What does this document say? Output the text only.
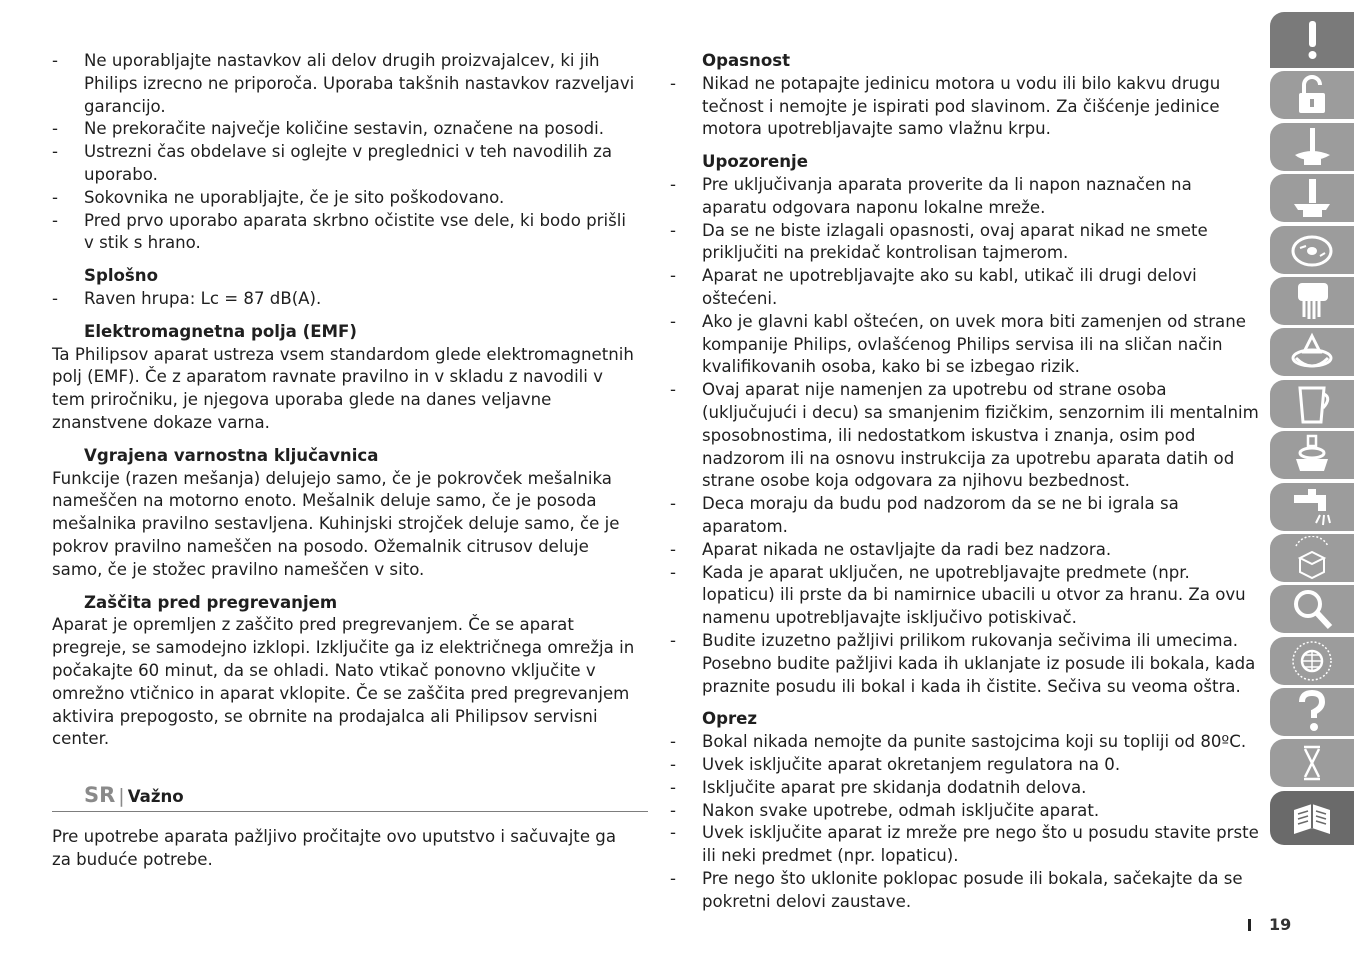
- Ne uporabljajte nastavkov ali delov drugih proizvajalcev, ki jih Philips izrecno ne priporoča. Uporaba takšnih nastavkov razveljavi garancijo.
- Ne prekoračite največje količine sestavin, označene na posodi.
- Ustrezni čas obdelave si oglejte v preglednici v teh navodilih za uporabo.
- Sokovnika ne uporabljajte, če je sito poškodovano.
- Pred prvo uporabo aparata skrbno očistite vse dele, ki bodo prišli v stik s hrano.
Splošno
- Raven hrupa: Lc = 87 dB(A).
Elektromagnetna polja (EMF)

Ta Philipsov aparat ustreza vsem standardom glede elektromagnetnih polj (EMF). Če z aparatom ravnate pravilno in v skladu z navodili v tem priročniku, je njegova uporaba glede na danes veljavne znanstvene dokaze varna.

Vgrajena varnostna ključavnica

Funkcije (razen mešanja) delujejo samo, če je pokrovček mešalnika nameščen na motorno enoto. Mešalnik deluje samo, če je posoda mešalnika pravilno sestavljena. Kuhinjski strojček deluje samo, če je pokrov pravilno nameščen na posodo. Ožemalnik citrusov deluje samo, če je stožec pravilno nameščen v sito.

Zaščita pred pregrevanjem

Aparat je opremljen z zaščito pred pregrevanjem. Če se aparat pregreje, se samodejno izklopi. Izključite ga iz električnega omrežja in počakajte 60 minut, da se ohladi. Nato vtikač ponovno vključite v omrežno vtičnico in aparat vklopite. Če se zaščita pred pregrevanjem aktivira prepogosto, se obrnite na prodajalca ali Philipsov servisni center.

SR | Važno

Pre upotrebe aparata pažljivo pročitajte ovo uputstvo i sačuvajte ga za buduće potrebe.

Opasnost
- Nikad ne potapajte jedinicu motora u vodu ili bilo kakvu drugu tečnost i nemojte je ispirati pod slavinom. Za čišćenje jedinice motora upotrebljavajte samo vlažnu krpu.
Upozorenje
- Pre uključivanja aparata proverite da li napon naznačen na aparatu odgovara naponu lokalne mreže.
- Da se ne biste izlagali opasnosti, ovaj aparat nikad ne smete priključiti na prekidač kontrolisan tajmerom.
- Aparat ne upotrebljavajte ako su kabl, utikač ili drugi delovi oštećeni.
- Ako je glavni kabl oštećen, on uvek mora biti zamenjen od strane kompanije Philips, ovlašćenog Philips servisa ili na sličan način kvalifikovanih osoba, kako bi se izbegao rizik.
- Ovaj aparat nije namenjen za upotrebu od strane osoba (uključujući i decu) sa smanjenim fizičkim, senzornim ili mentalnim sposobnostima, ili nedostatkom iskustva i znanja, osim pod nadzorom ili na osnovu instrukcija za upotrebu aparata datih od strane osobe koja odgovara za njihovu bezbednost.
- Deca moraju da budu pod nadzorom da se ne bi igrala sa aparatom.
- Aparat nikada ne ostavljajte da radi bez nadzora.
- Kada je aparat uključen, ne upotrebljavajte predmete (npr. lopaticu) ili prste da bi namirnice ubacili u otvor za hranu. Za ovu namenu upotrebljavajte isključivo potiskivač.
- Budite izuzetno pažljivi prilikom rukovanja sečivima ili umecima. Posebno budite pažljivi kada ih uklanjate iz posude ili bokala, kada praznite posudu ili bokal i kada ih čistite. Sečiva su veoma oštra.
Oprez
- Bokal nikada nemojte da punite sastojcima koji su topliji od 80ºC.
- Uvek isključite aparat okretanjem regulatora na 0.
- Isključite aparat pre skidanja dodatnih delova.
- Nakon svake upotrebe, odmah isključite aparat.
- Uvek isključite aparat iz mreže pre nego što u posudu stavite prste ili neki predmet (npr. lopaticu).
- Pre nego što uklonite poklopac posude ili bokala, sačekajte da se pokretni delovi zaustave.
19
